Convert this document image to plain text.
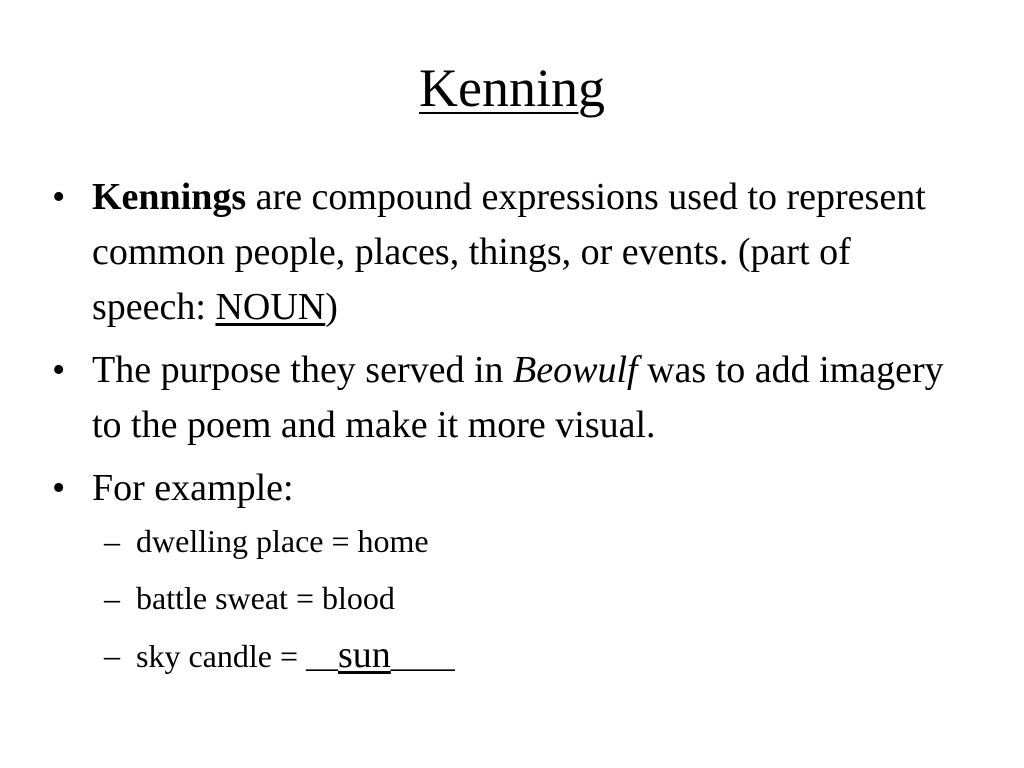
Kenning
• Kennings are compound expressions used to represent common people, places, things, or events. (part of speech: NOUN)
• The purpose they served in Beowulf was to add imagery to the poem and make it more visual.
• For example:
– dwelling place = home
– battle sweat = blood
– sky candle = __sun____
